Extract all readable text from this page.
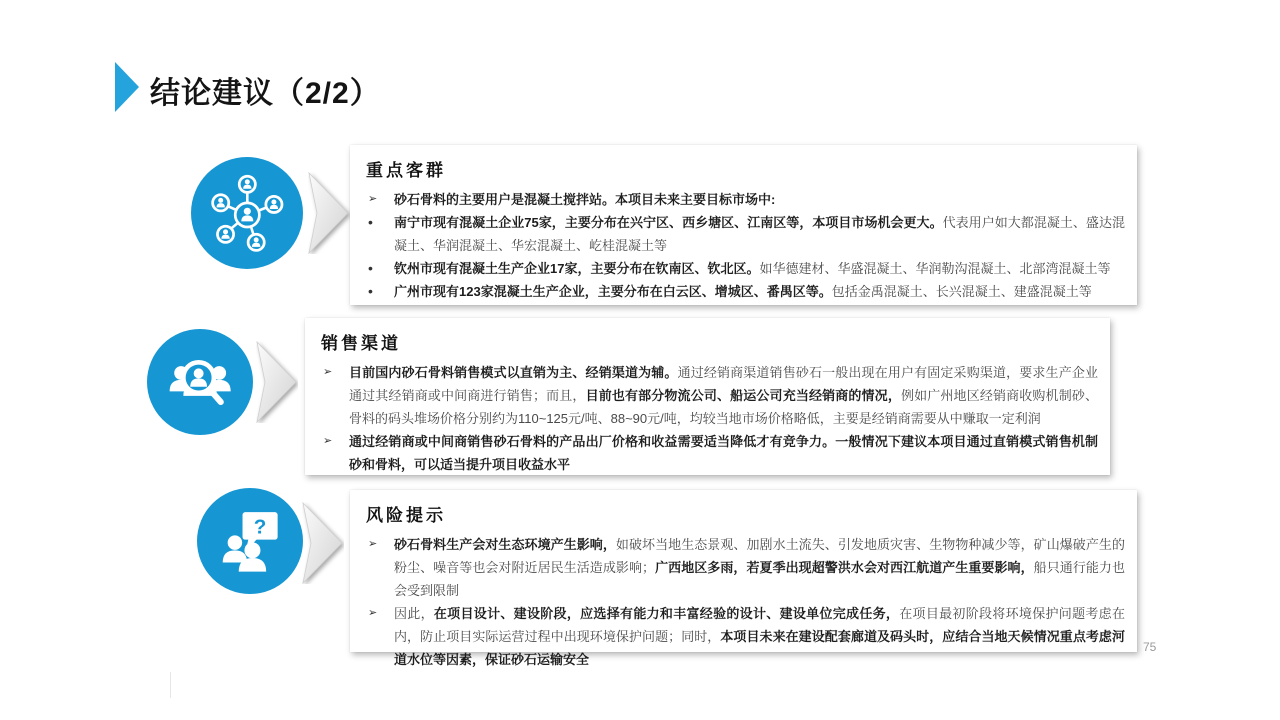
结论建议（2/2）
?
重点客群
➢	砂石骨料的主要用户是混凝土搅拌站。本项目未来主要目标市场中:
•	南宁市现有混凝土企业75家，主要分布在兴宁区、西乡塘区、江南区等，本项目市场机会更大。代表用户如大都混凝土、盛达混凝土、华润混凝土、华宏混凝土、屹桂混凝土等
•	钦州市现有混凝土生产企业17家，主要分布在钦南区、钦北区。如华德建材、华盛混凝土、华润勒沟混凝土、北部湾混凝土等
•	广州市现有123家混凝土生产企业，主要分布在白云区、增城区、番禺区等。包括金禹混凝土、长兴混凝土、建盛混凝土等
销售渠道
➢	目前国内砂石骨料销售模式以直销为主、经销渠道为辅。通过经销商渠道销售砂石一般出现在用户有固定采购渠道，要求生产企业通过其经销商或中间商进行销售；而且，目前也有部分物流公司、船运公司充当经销商的情况，例如广州地区经销商收购机制砂、骨料的码头堆场价格分别约为110~125元/吨、88~90元/吨，均较当地市场价格略低，主要是经销商需要从中赚取一定利润
➢	通过经销商或中间商销售砂石骨料的产品出厂价格和收益需要适当降低才有竞争力。一般情况下建议本项目通过直销模式销售机制砂和骨料，可以适当提升项目收益水平
风险提示
➢	砂石骨料生产会对生态环境产生影响，如破坏当地生态景观、加剧水土流失、引发地质灾害、生物物种减少等，矿山爆破产生的粉尘、噪音等也会对附近居民生活造成影响；广西地区多雨，若夏季出现超警洪水会对西江航道产生重要影响，船只通行能力也会受到限制
➢	因此，在项目设计、建设阶段，应选择有能力和丰富经验的设计、建设单位完成任务，在项目最初阶段将环境保护问题考虑在内，防止项目实际运营过程中出现环境保护问题；同时，本项目未来在建设配套廊道及码头时，应结合当地天候情况重点考虑河道水位等因素，保证砂石运输安全
75
